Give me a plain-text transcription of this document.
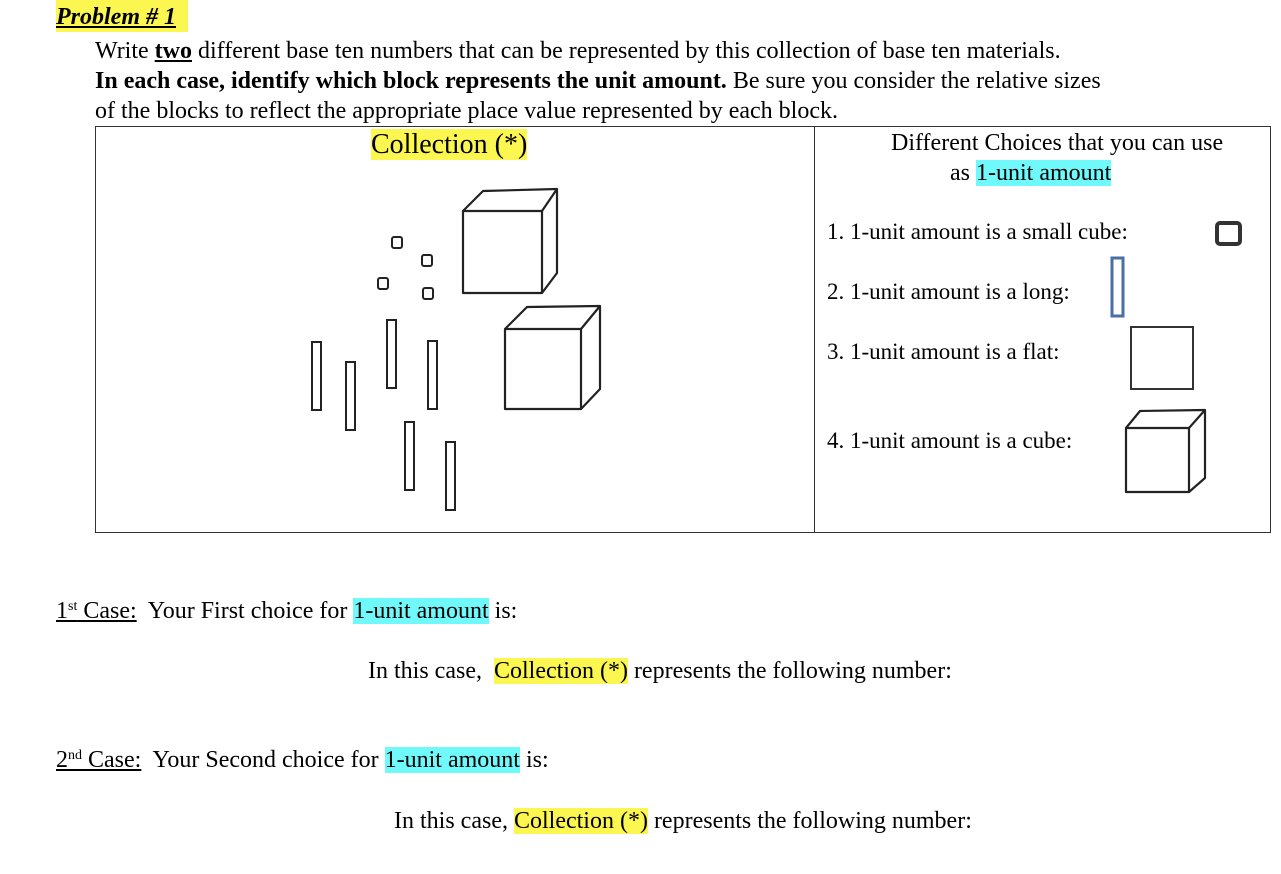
Problem # 1
Write two different base ten numbers that can be represented by this collection of base ten materials.
In each case, identify which block represents the unit amount. Be sure you consider the relative sizes
of the blocks to reflect the appropriate place value represented by each block.
Collection (*)	Different Choices that you can use
as 1-unit amount
1. 1-unit amount is a small cube:
2. 1-unit amount is a long:
3. 1-unit amount is a flat:
4. 1-unit amount is a cube:
1st Case:  Your First choice for 1-unit amount is:
In this case,  Collection (*) represents the following number:
2nd Case:  Your Second choice for 1-unit amount is:
In this case, Collection (*) represents the following number:
